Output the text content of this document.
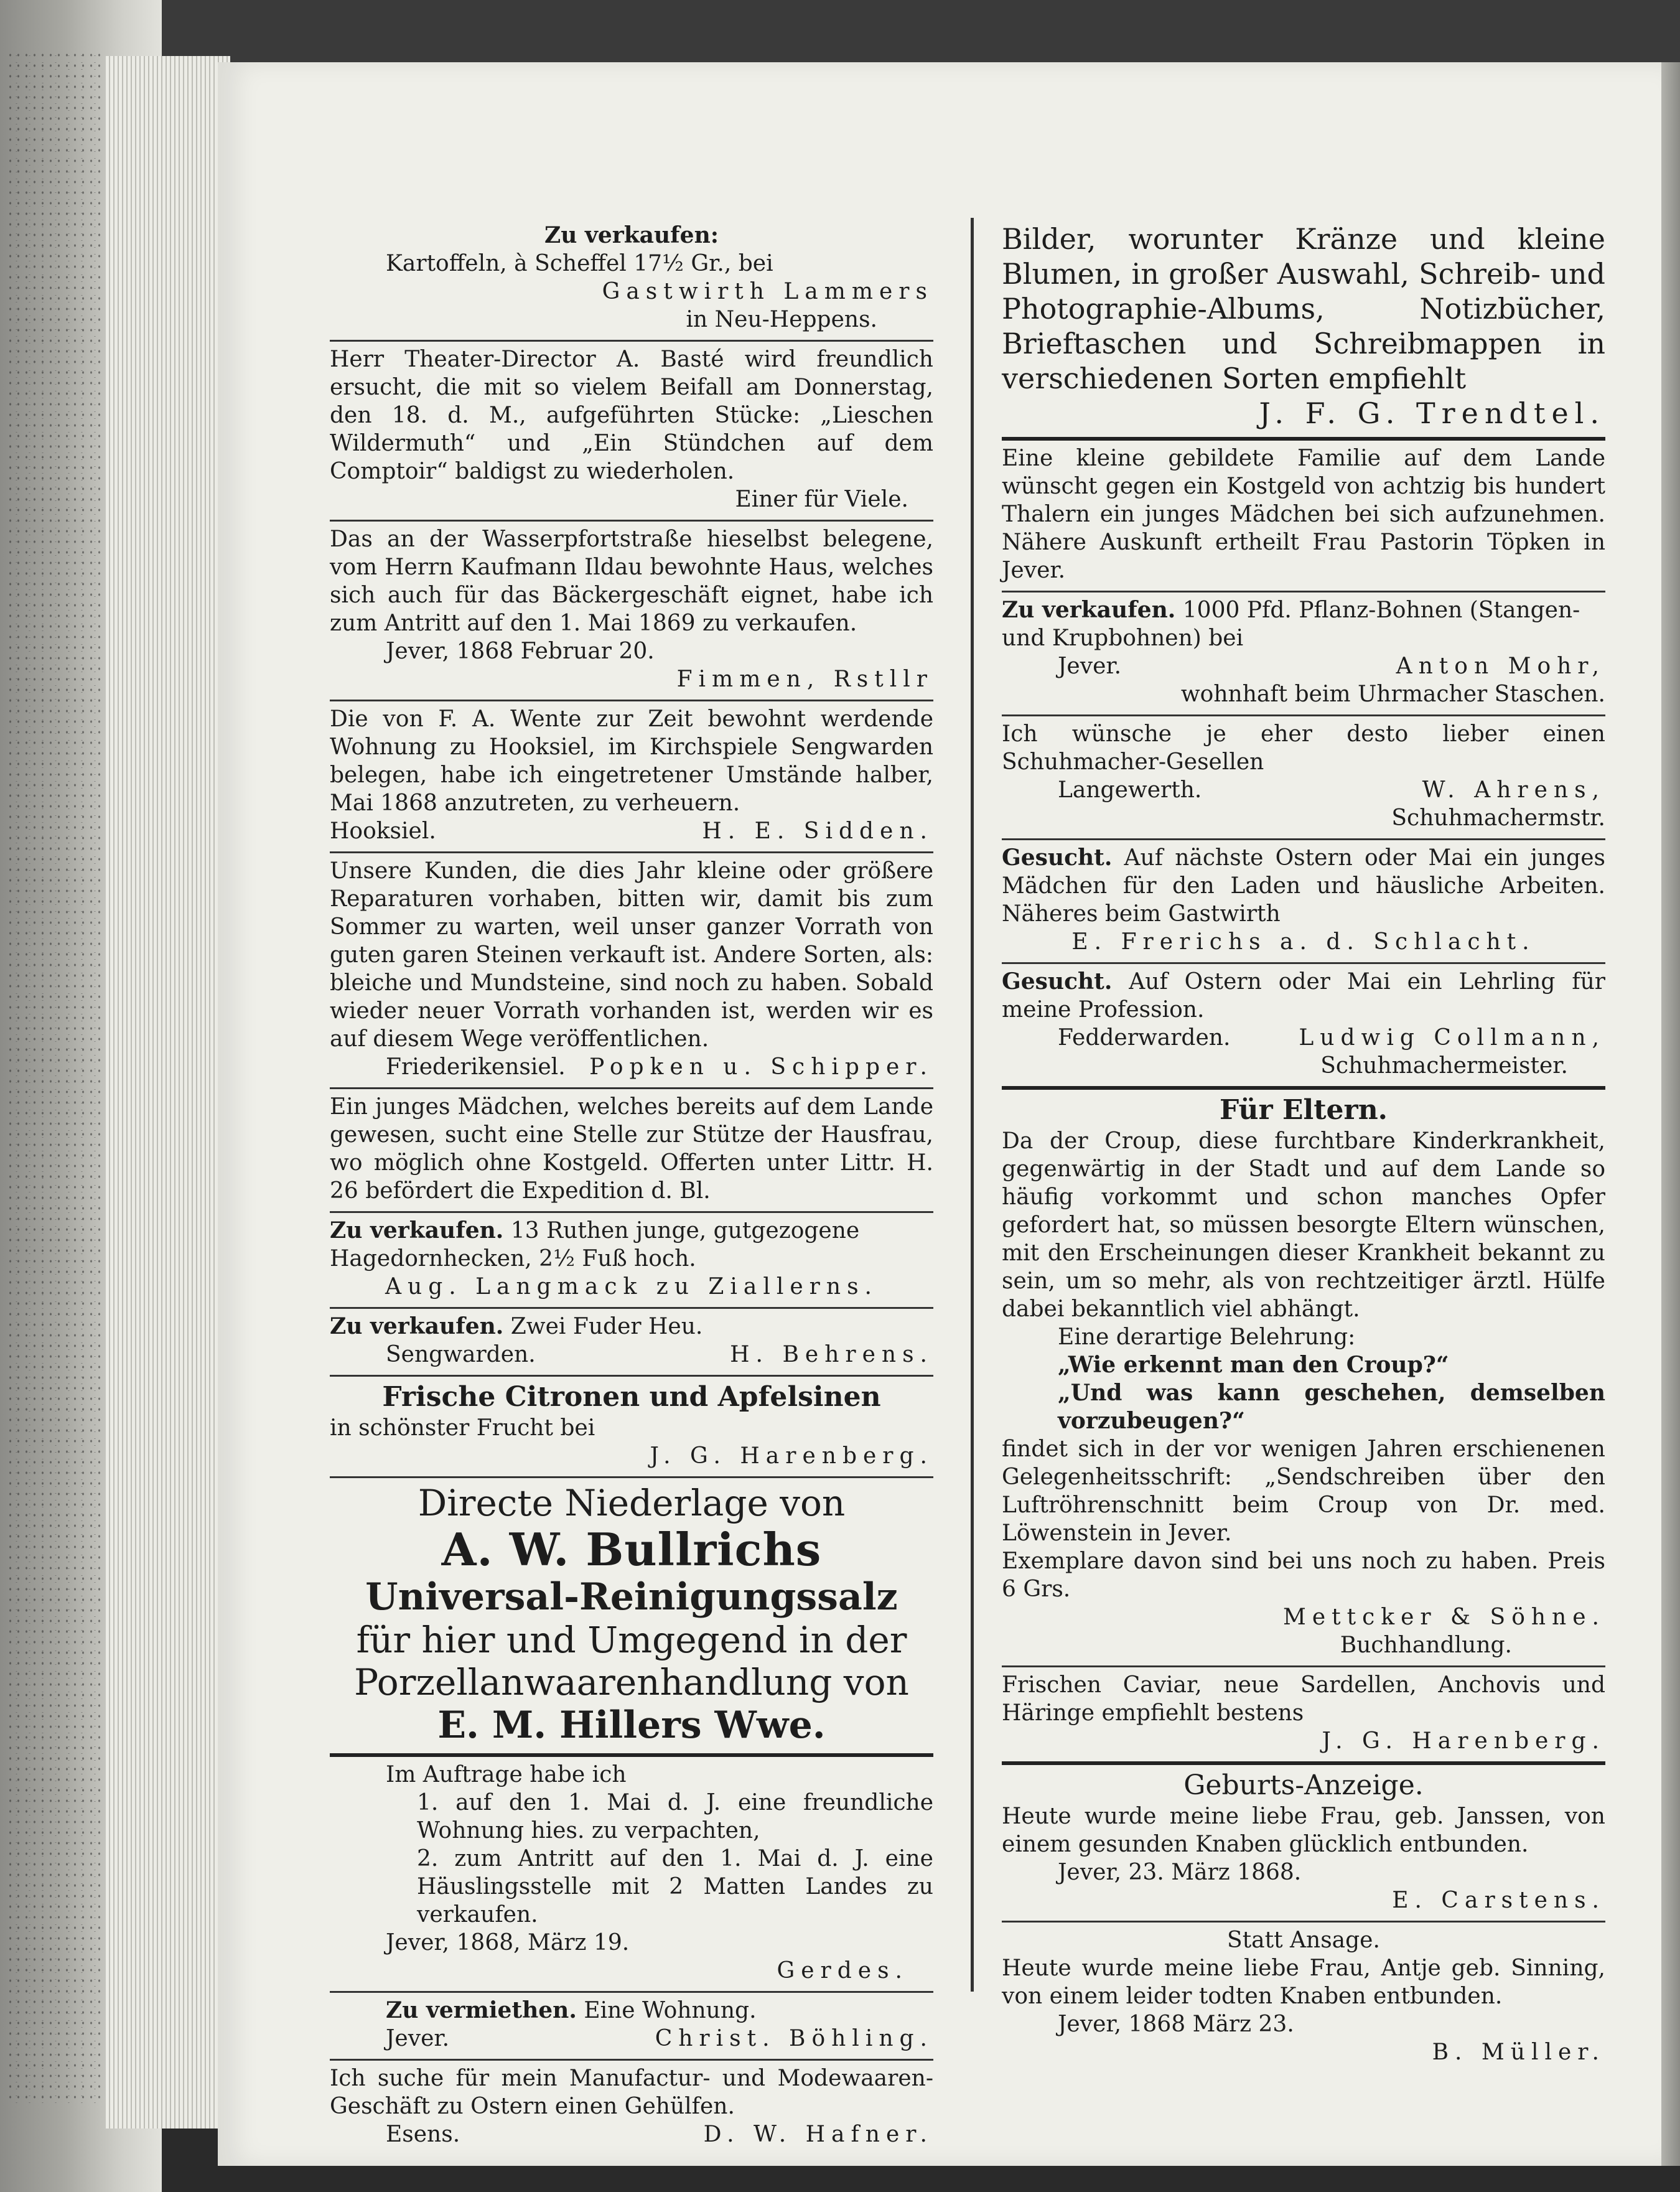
Zu verkaufen:

Kartoffeln, à Scheffel 17½ Gr., bei

Gastwirth Lammers

in Neu-Heppens.

Herr Theater-Director A. Basté wird freundlich ersucht, die mit so vielem Beifall am Donnerstag, den 18. d. M., aufgeführten Stücke: „Lieschen Wildermuth“ und „Ein Stündchen auf dem Comptoir“ baldigst zu wiederholen.

Einer für Viele.

Das an der Wasserpfortstraße hieselbst belegene, vom Herrn Kaufmann Ildau bewohnte Haus, welches sich auch für das Bäckergeschäft eignet, habe ich zum Antritt auf den 1. Mai 1869 zu verkaufen.

Jever, 1868 Februar 20.

Fimmen, Rstllr

Die von F. A. Wente zur Zeit bewohnt werdende Wohnung zu Hooksiel, im Kirchspiele Sengwarden belegen, habe ich eingetretener Umstände halber, Mai 1868 anzutreten, zu verheuern.

Hooksiel.	H. E. Sidden.

Unsere Kunden, die dies Jahr kleine oder größere Reparaturen vorhaben, bitten wir, damit bis zum Sommer zu warten, weil unser ganzer Vorrath von guten garen Steinen verkauft ist. Andere Sorten, als: bleiche und Mundsteine, sind noch zu haben. Sobald wieder neuer Vorrath vorhanden ist, werden wir es auf diesem Wege veröffentlichen.

Friederikensiel. Popken u. Schipper.

Ein junges Mädchen, welches bereits auf dem Lande gewesen, sucht eine Stelle zur Stütze der Hausfrau, wo möglich ohne Kostgeld. Offerten unter Littr. H. 26 befördert die Expedition d. Bl.

Zu verkaufen. 13 Ruthen junge, gutgezogene Hagedornhecken, 2½ Fuß hoch.

Aug. Langmack zu Ziallerns.

Zu verkaufen. Zwei Fuder Heu.

Sengwarden.	H. Behrens.

Frische Citronen und Apfelsinen

in schönster Frucht bei

J. G. Harenberg.

Directe Niederlage von

A. W. Bullrichs

Universal-Reinigungssalz

für hier und Umgegend in der Porzellanwaarenhandlung von

E. M. Hillers Wwe.

Im Auftrage habe ich

1. auf den 1. Mai d. J. eine freundliche Wohnung hies. zu verpachten,

2. zum Antritt auf den 1. Mai d. J. eine Häuslingsstelle mit 2 Matten Landes zu verkaufen.

Jever, 1868, März 19.

Gerdes.

Zu vermiethen. Eine Wohnung.

Jever.	Christ. Böhling.

Ich suche für mein Manufactur- und Modewaaren-Geschäft zu Ostern einen Gehülfen.

Esens.	D. W. Hafner.

Bilder, worunter Kränze und kleine Blumen, in großer Auswahl, Schreib- und Photographie-Albums, Notizbücher, Brieftaschen und Schreibmappen in verschiedenen Sorten empfiehlt

J. F. G. Trendtel.

Eine kleine gebildete Familie auf dem Lande wünscht gegen ein Kostgeld von achtzig bis hundert Thalern ein junges Mädchen bei sich aufzunehmen. Nähere Auskunft ertheilt Frau Pastorin Töpken in Jever.

Zu verkaufen. 1000 Pfd. Pflanz-Bohnen (Stangen- und Krupbohnen) bei

Jever.	Anton Mohr,

wohnhaft beim Uhrmacher Staschen.

Ich wünsche je eher desto lieber einen Schuhmacher-Gesellen

Langewerth.	W. Ahrens,

Schuhmachermstr.

Gesucht. Auf nächste Ostern oder Mai ein junges Mädchen für den Laden und häusliche Arbeiten. Näheres beim Gastwirth

E. Frerichs a. d. Schlacht.

Gesucht. Auf Ostern oder Mai ein Lehrling für meine Profession.

Fedderwarden.	Ludwig Collmann,

Schuhmachermeister.

Für Eltern.

Da der Croup, diese furchtbare Kinderkrankheit, gegenwärtig in der Stadt und auf dem Lande so häufig vorkommt und schon manches Opfer gefordert hat, so müssen besorgte Eltern wünschen, mit den Erscheinungen dieser Krankheit bekannt zu sein, um so mehr, als von rechtzeitiger ärztl. Hülfe dabei bekanntlich viel abhängt.

Eine derartige Belehrung:

„Wie erkennt man den Croup?“

„Und was kann geschehen, demselben vorzubeugen?“

findet sich in der vor wenigen Jahren erschienenen Gelegenheitsschrift: „Sendschreiben über den Luftröhrenschnitt beim Croup von Dr. med. Löwenstein in Jever.

Exemplare davon sind bei uns noch zu haben. Preis 6 Grs.

Mettcker & Söhne.

Buchhandlung.

Frischen Caviar, neue Sardellen, Anchovis und Häringe empfiehlt bestens

J. G. Harenberg.

Geburts-Anzeige.

Heute wurde meine liebe Frau, geb. Janssen, von einem gesunden Knaben glücklich entbunden.

Jever, 23. März 1868.

E. Carstens.

Statt Ansage.

Heute wurde meine liebe Frau, Antje geb. Sinning, von einem leider todten Knaben entbunden.

Jever, 1868 März 23.

B. Müller.
